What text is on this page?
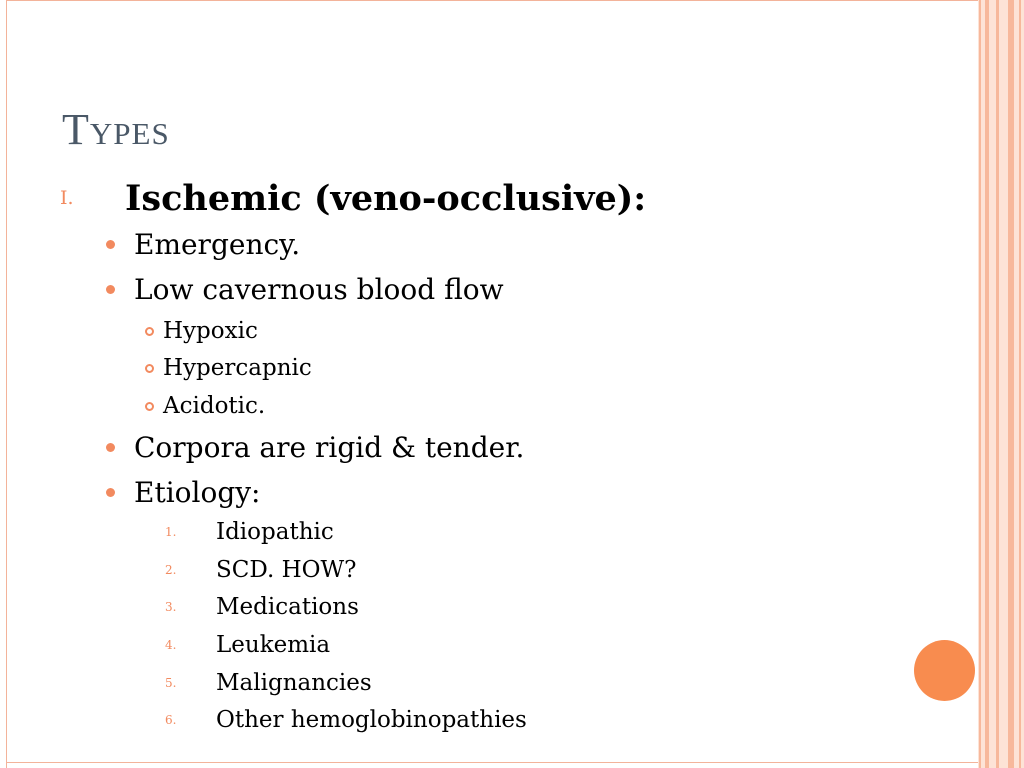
Types
I.	Ischemic (veno-occlusive):
Emergency.
Low cavernous blood flow
Hypoxic
Hypercapnic
Acidotic.
Corpora are rigid & tender.
Etiology:
1.	Idiopathic
2.	SCD. HOW?
3.	Medications
4.	Leukemia
5.	Malignancies
6.	Other hemoglobinopathies
